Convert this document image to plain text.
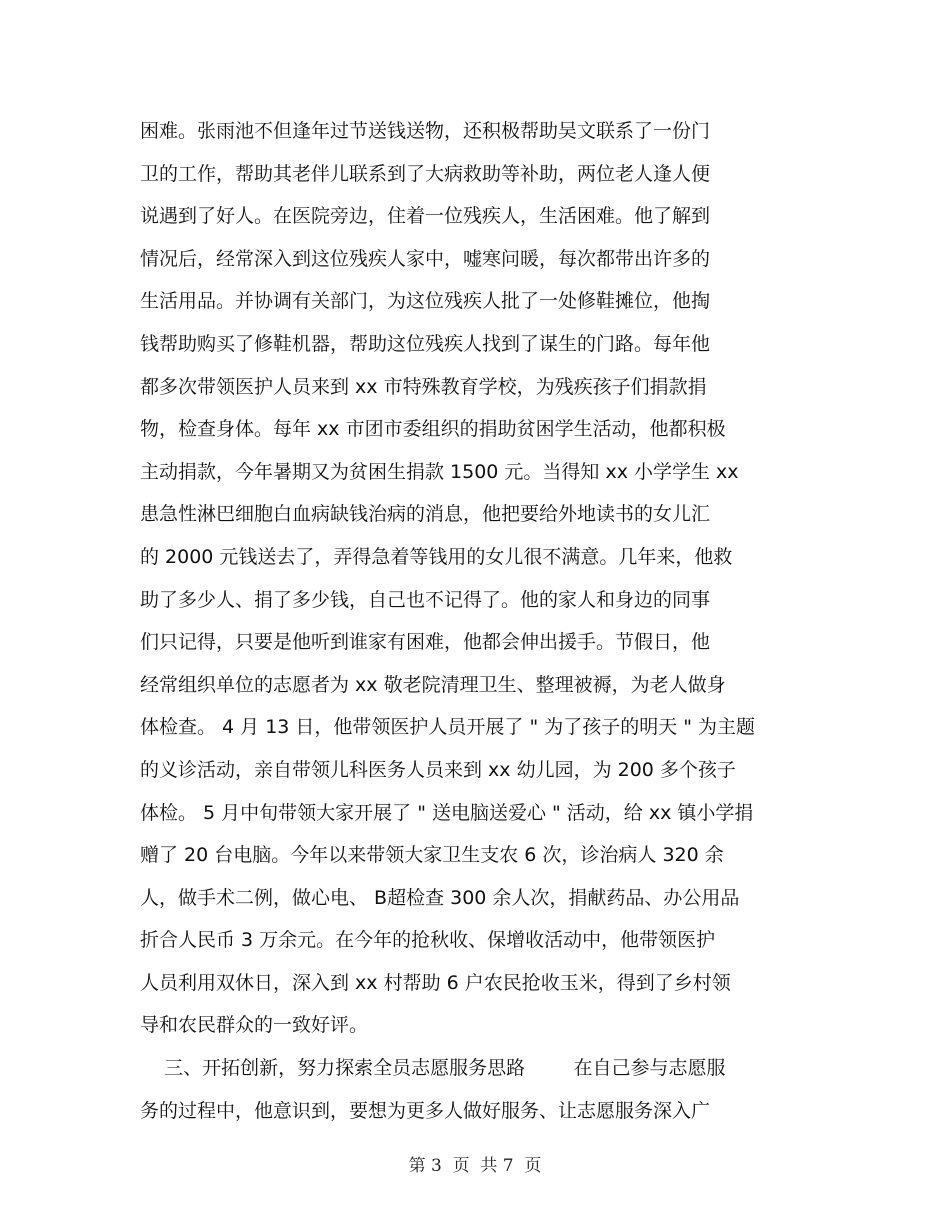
困难。张雨池不但逢年过节送钱送物，还积极帮助吴文联系了一份门
卫的工作，帮助其老伴儿联系到了大病救助等补助，两位老人逢人便
说遇到了好人。在医院旁边，住着一位残疾人，生活困难。他了解到
情况后，经常深入到这位残疾人家中，嘘寒问暖，每次都带出许多的
生活用品。并协调有关部门，为这位残疾人批了一处修鞋摊位，他掏
钱帮助购买了修鞋机器，帮助这位残疾人找到了谋生的门路。每年他
都多次带领医护人员来到 xx 市特殊教育学校，为残疾孩子们捐款捐
物，检查身体。每年 xx 市团市委组织的捐助贫困学生活动，他都积极
主动捐款，今年暑期又为贫困生捐款 1500 元。当得知 xx 小学学生 xx
患急性淋巴细胞白血病缺钱治病的消息，他把要给外地读书的女儿汇
的 2000 元钱送去了，弄得急着等钱用的女儿很不满意。几年来，他救
助了多少人、捐了多少钱，自己也不记得了。他的家人和身边的同事
们只记得，只要是他听到谁家有困难，他都会伸出援手。节假日，他
经常组织单位的志愿者为 xx 敬老院清理卫生、整理被褥，为老人做身
体检查。 4 月 13 日，他带领医护人员开展了 " 为了孩子的明天 " 为主题
的义诊活动，亲自带领儿科医务人员来到 xx 幼儿园，为 200 多个孩子
体检。 5 月中旬带领大家开展了 " 送电脑送爱心 " 活动，给 xx 镇小学捐
赠了 20 台电脑。今年以来带领大家卫生支农 6 次，诊治病人 320 余
人，做手术二例，做心电、 B超检查 300 余人次，捐献药品、办公用品
折合人民币 3 万余元。在今年的抢秋收、保增收活动中，他带领医护
人员利用双休日，深入到 xx 村帮助 6 户农民抢收玉米，得到了乡村领
导和农民群众的一致好评。
三、开拓创新，努力探索全员志愿服务思路        在自己参与志愿服
务的过程中，他意识到，要想为更多人做好服务、让志愿服务深入广
第 3  页  共 7  页
